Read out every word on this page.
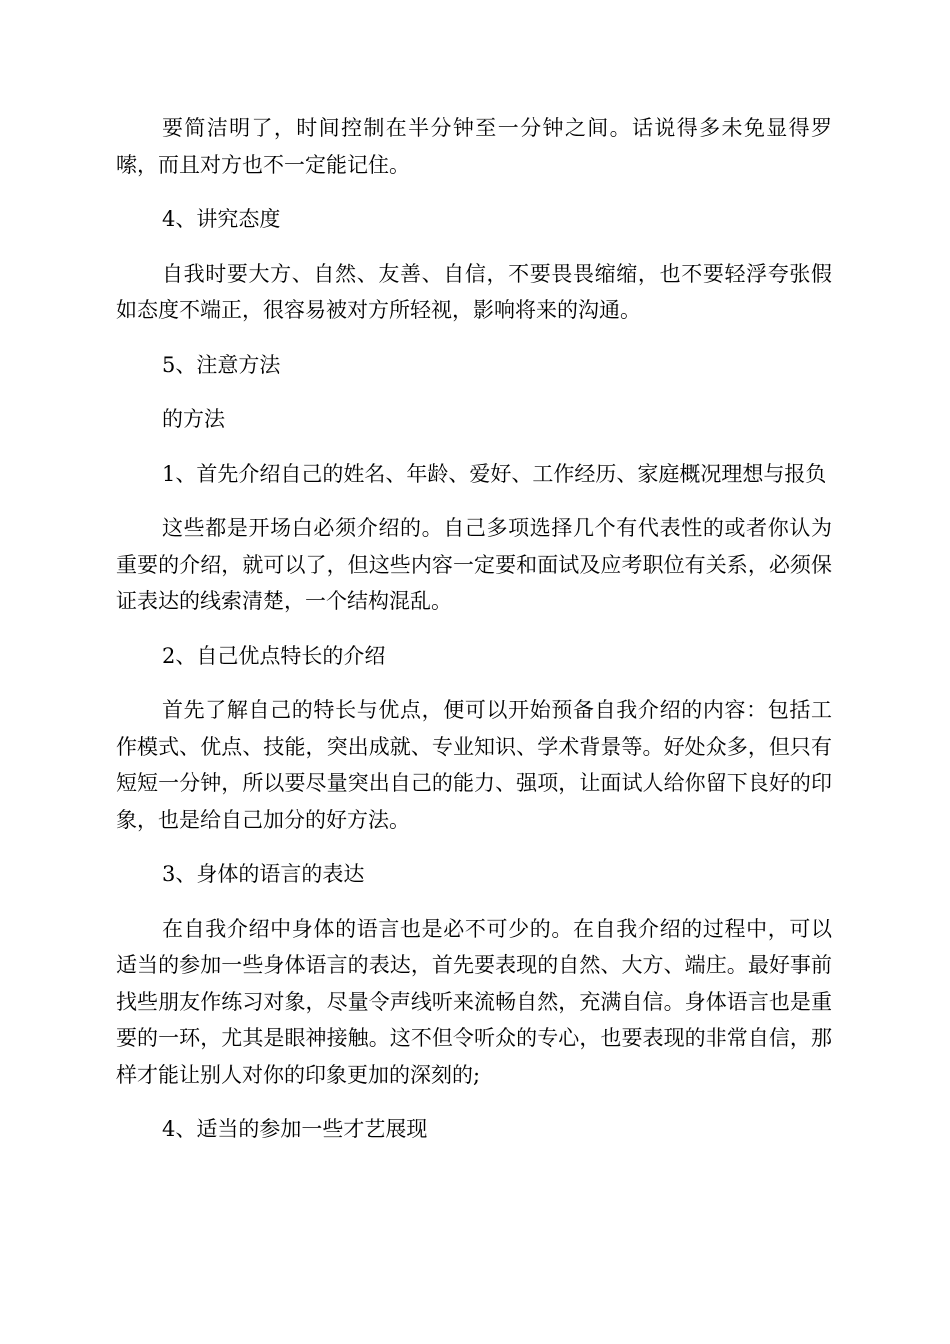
要简洁明了，时间控制在半分钟至一分钟之间。话说得多未免显得罗嗦，而且对方也不一定能记住。

4、讲究态度

自我时要大方、自然、友善、自信，不要畏畏缩缩，也不要轻浮夸张假如态度不端正，很容易被对方所轻视，影响将来的沟通。

5、注意方法

的方法

1、首先介绍自己的姓名、年龄、爱好、工作经历、家庭概况理想与报负

这些都是开场白必须介绍的。自己多项选择几个有代表性的或者你认为重要的介绍，就可以了，但这些内容一定要和面试及应考职位有关系，必须保证表达的线索清楚，一个结构混乱。

2、自己优点特长的介绍

首先了解自己的特长与优点，便可以开始预备自我介绍的内容：包括工作模式、优点、技能，突出成就、专业知识、学术背景等。好处众多，但只有短短一分钟，所以要尽量突出自己的能力、强项，让面试人给你留下良好的印象，也是给自己加分的好方法。

3、身体的语言的表达

在自我介绍中身体的语言也是必不可少的。在自我介绍的过程中，可以适当的参加一些身体语言的表达，首先要表现的自然、大方、端庄。最好事前找些朋友作练习对象，尽量令声线听来流畅自然，充满自信。身体语言也是重要的一环，尤其是眼神接触。这不但令听众的专心，也要表现的非常自信，那样才能让别人对你的印象更加的深刻的;

4、适当的参加一些才艺展现
